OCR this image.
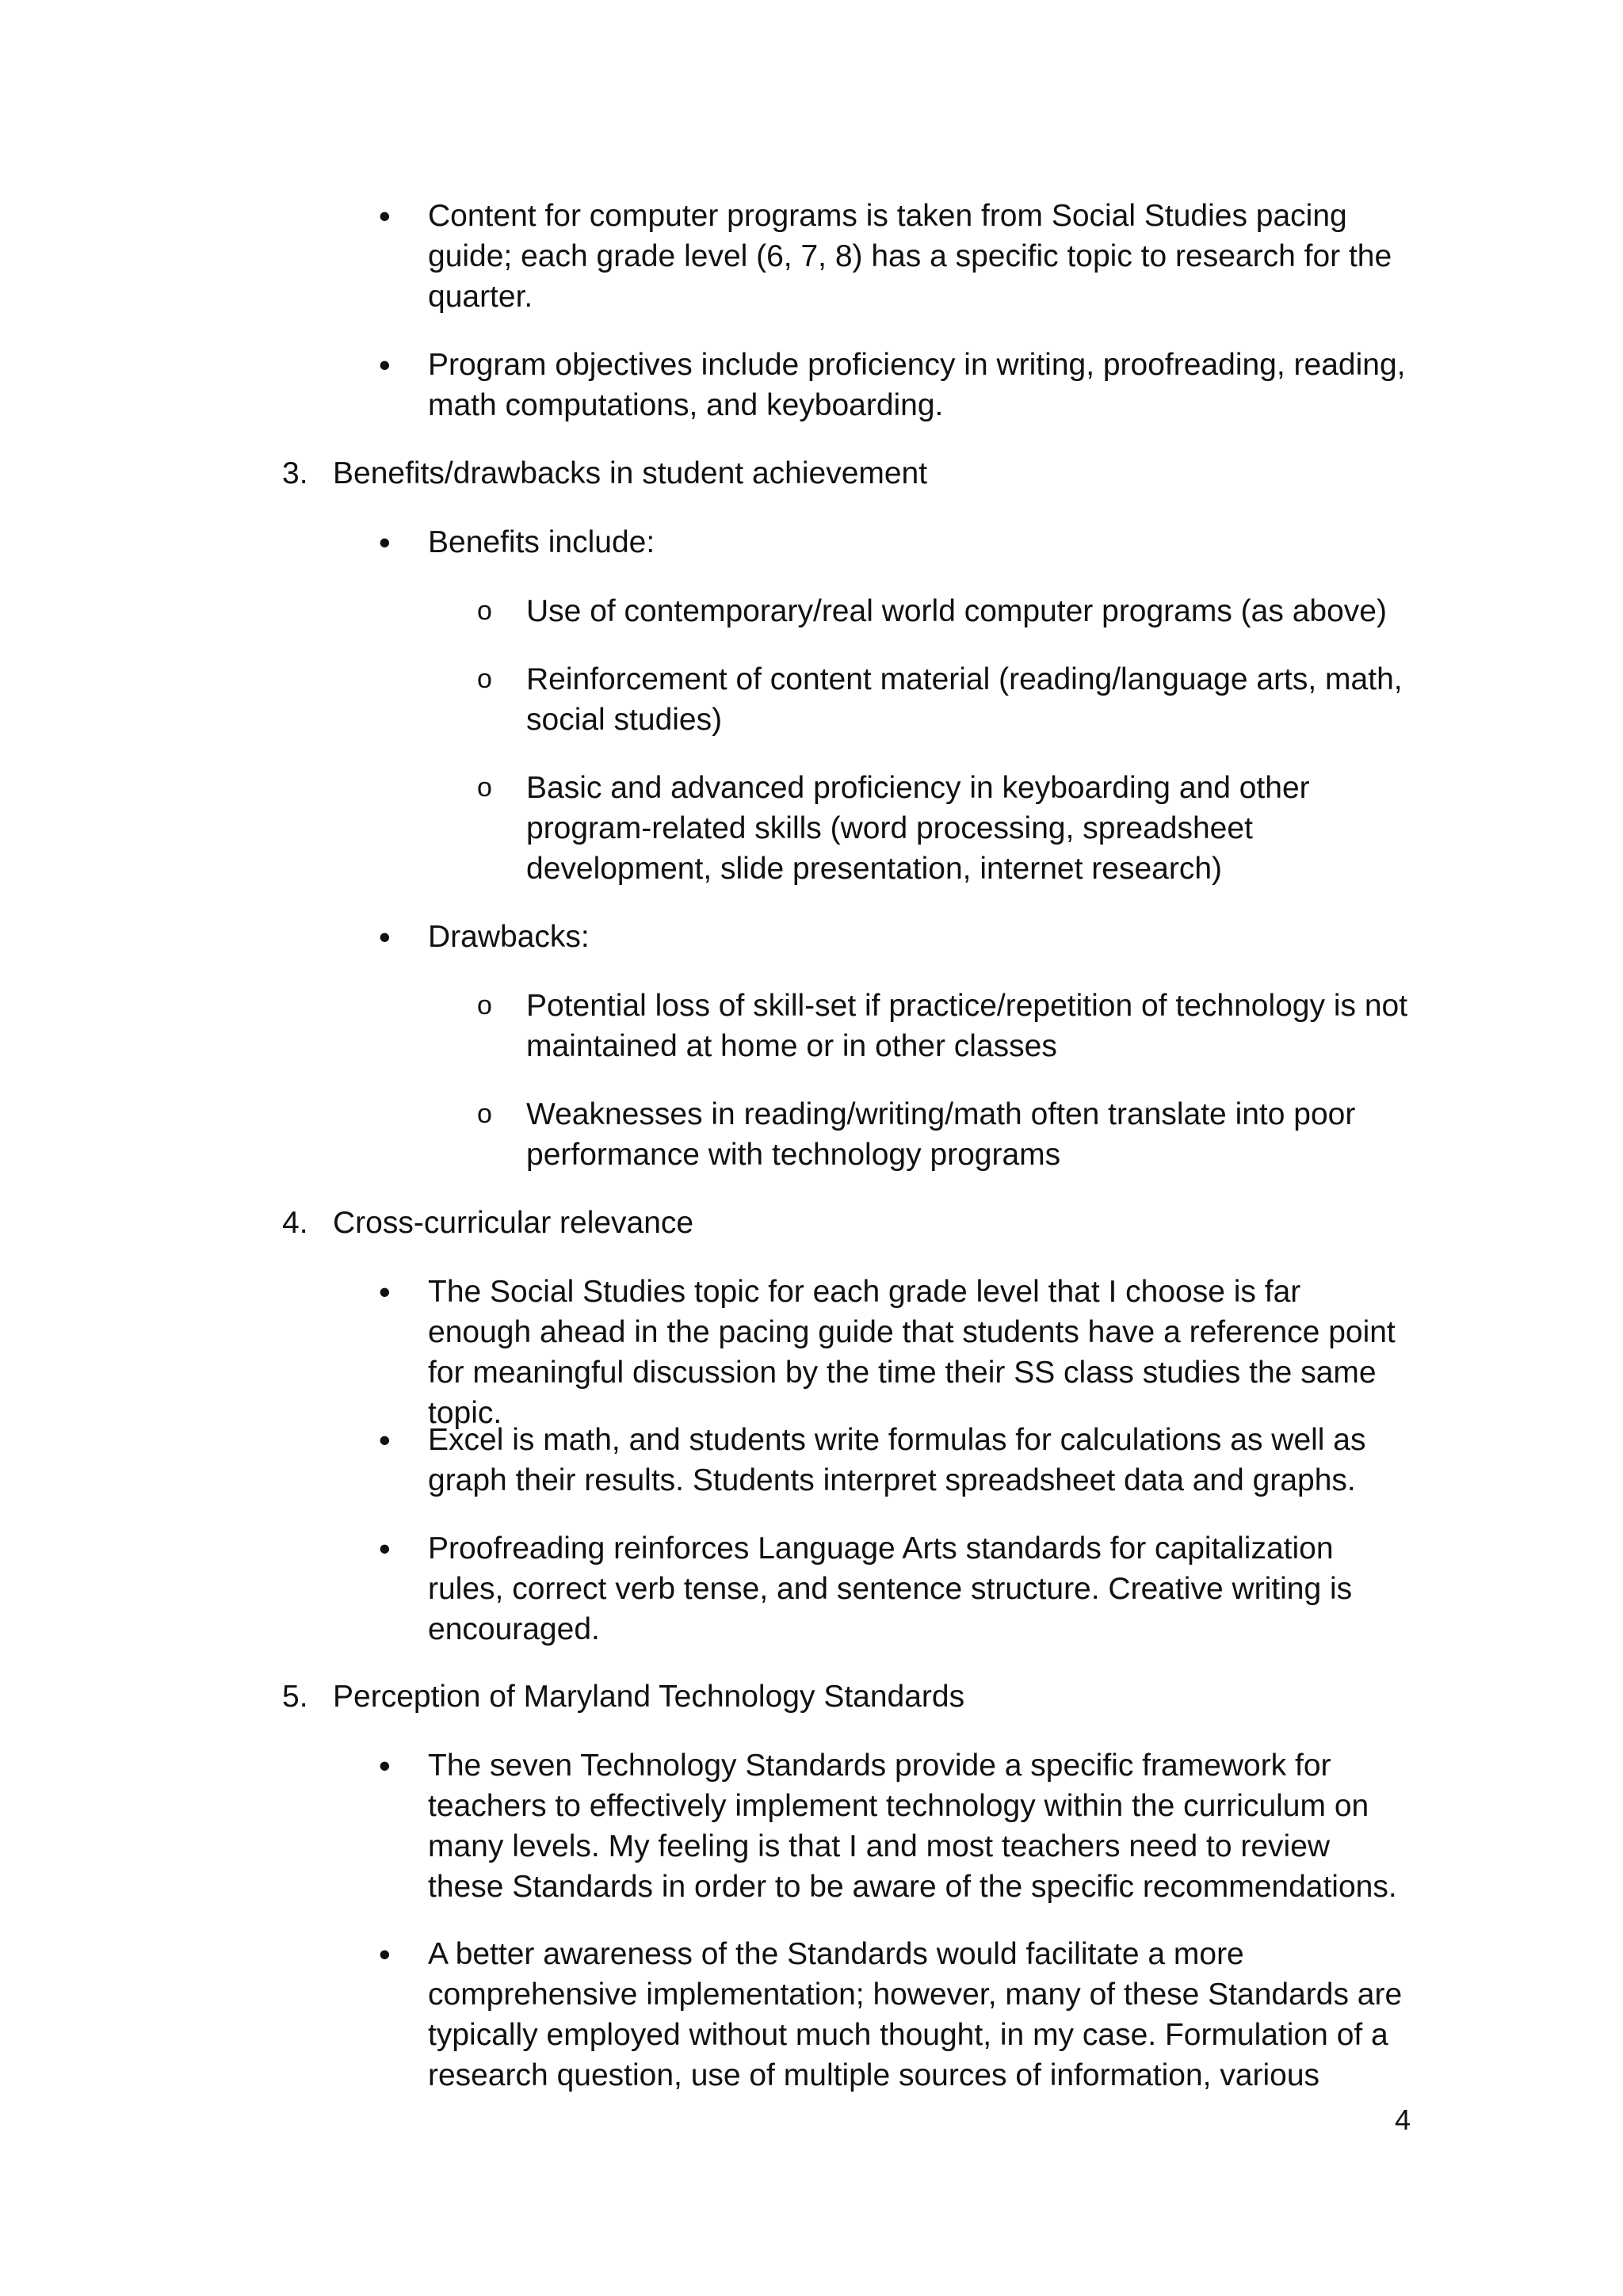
• Content for computer programs is taken from Social Studies pacing guide; each grade level (6, 7, 8) has a specific topic to research for the quarter.
• Program objectives include proficiency in writing, proofreading, reading, math computations, and keyboarding.
3. Benefits/drawbacks in student achievement
• Benefits include:
o Use of contemporary/real world computer programs (as above)
o Reinforcement of content material (reading/language arts, math, social studies)
o Basic and advanced proficiency in keyboarding and other program-related skills (word processing, spreadsheet development, slide presentation, internet research)
• Drawbacks:
o Potential loss of skill-set if practice/repetition of technology is not maintained at home or in other classes
o Weaknesses in reading/writing/math often translate into poor performance with technology programs
4. Cross-curricular relevance
• The Social Studies topic for each grade level that I choose is far enough ahead in the pacing guide that students have a reference point for meaningful discussion by the time their SS class studies the same topic.
• Excel is math, and students write formulas for calculations as well as graph their results. Students interpret spreadsheet data and graphs.
• Proofreading reinforces Language Arts standards for capitalization rules, correct verb tense, and sentence structure. Creative writing is encouraged.
5. Perception of Maryland Technology Standards
• The seven Technology Standards provide a specific framework for teachers to effectively implement technology within the curriculum on many levels. My feeling is that I and most teachers need to review these Standards in order to be aware of the specific recommendations.
• A better awareness of the Standards would facilitate a more comprehensive implementation; however, many of these Standards are typically employed without much thought, in my case. Formulation of a research question, use of multiple sources of information, various
4
